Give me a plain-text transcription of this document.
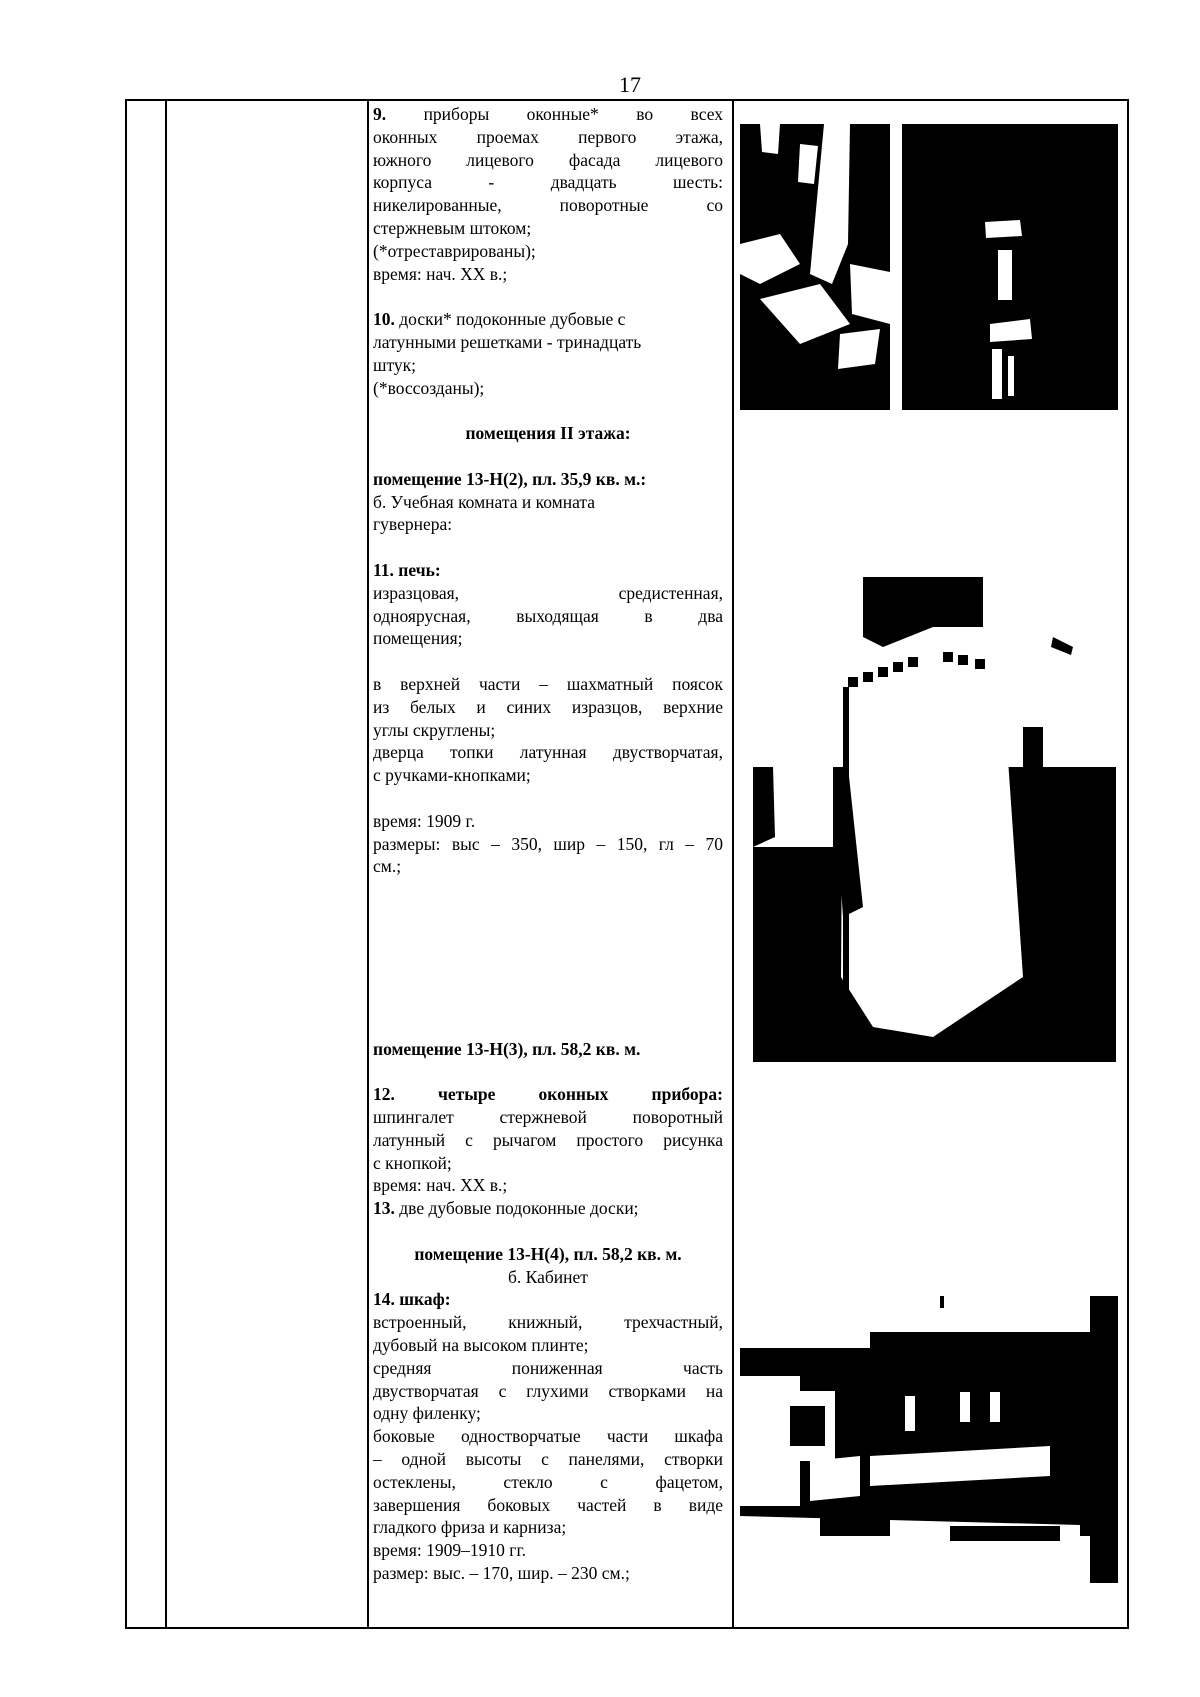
17

9. приборы оконные* во всех

оконных проемах первого этажа,

южного лицевого фасада лицевого

корпуса - двадцать шесть:

никелированные, поворотные со

стержневым штоком;

(*отреставрированы);

время: нач. XX в.;

10. доски* подоконные дубовые с

латунными решетками - тринадцать

штук;

(*воссозданы);

помещения II этажа:

помещение 13-Н(2), пл. 35,9 кв. м.:

б. Учебная комната и комната

гувернера:

11. печь:

изразцовая, средистенная,

одноярусная, выходящая в два

помещения;

в верхней части – шахматный поясок

из белых и синих изразцов, верхние

углы скруглены;

дверца топки латунная двустворчатая,

с ручками-кнопками;

время: 1909 г.

размеры: выс – 350, шир – 150, гл – 70

см.;

помещение 13-Н(3), пл. 58,2 кв. м.

12. четыре оконных прибора:

шпингалет стержневой поворотный

латунный с рычагом простого рисунка

с кнопкой;

время: нач. XX в.;

13. две дубовые подоконные доски;

помещение 13-Н(4), пл. 58,2 кв. м.

б. Кабинет

14. шкаф:

встроенный, книжный, трехчастный,

дубовый на высоком плинте;

средняя пониженная часть

двустворчатая с глухими створками на

одну филенку;

боковые одностворчатые части шкафа

– одной высоты с панелями, створки

остеклены, стекло с фацетом,

завершения боковых частей в виде

гладкого фриза и карниза;

время: 1909–1910 гг.

размер: выс. – 170, шир. – 230 см.;
